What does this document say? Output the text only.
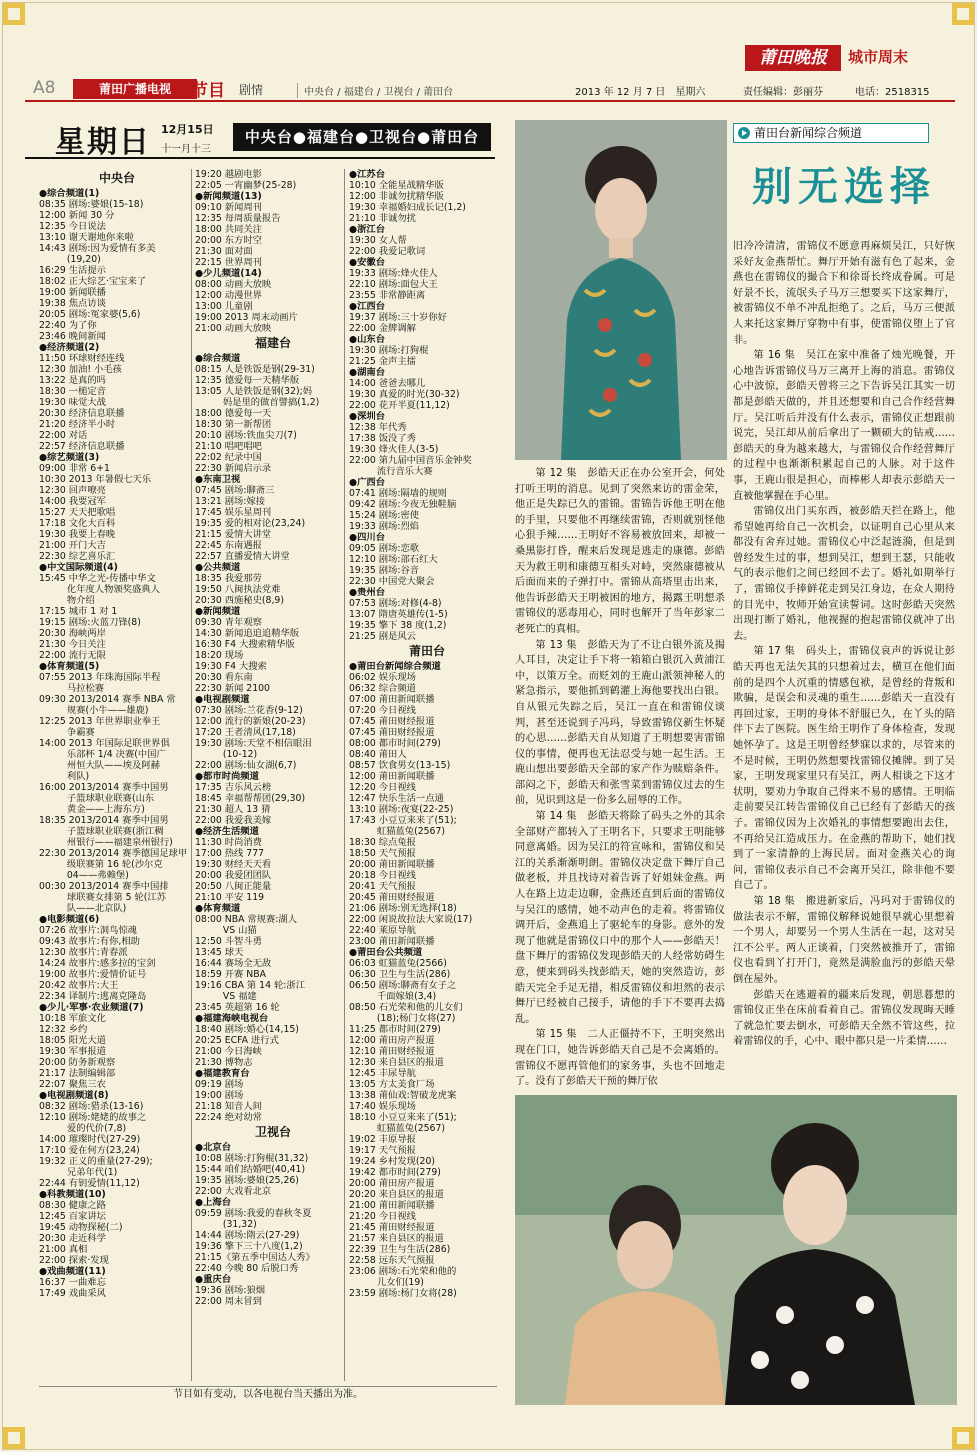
莆田晚报	城市周末
A8	莆田广播电视	节目 剧情	中央台 / 福建台 / 卫视台 / 莆田台	2013 年 12 月 7 日　星期六	责任编辑：彭丽芬	电话：2518315
星期日 12月15日
十一月十三
中央台●福建台●卫视台●莆田台
中央台
●综合频道(1)
08:35 剧场:婆娘(15-18)
12:00 新闻 30 分
12:35 今日说法
13:10 谢天谢地你来啦
14:43 剧场:因为爱情有多美
　　　(19,20)
16:29 生活提示
18:02 正大综艺·宝宝来了
19:00 新闻联播
19:38 焦点访谈
20:05 剧场:冤家婆(5,6)
22:40 为了你
23:46 晚间新闻
●经济频道(2)
11:50 环球财经连线
12:30 加油! 小毛孩
13:22 是真的吗
18:30 一槌定音
19:30 味觉大战
20:30 经济信息联播
21:20 经济半小时
22:00 对话
22:57 经济信息联播
●综艺频道(3)
09:00 非常 6+1
10:30 2013 年暑假七天乐
12:30 回声嘹亮
14:00 我要冠军
15:27 天天把歌唱
17:18 文化大百科
19:30 我要上春晚
21:00 开门大吉
22:30 综艺喜乐汇
●中文国际频道(4)
15:45 中华之光-传播中华文
　　　化年度人物颁奖盛典人
　　　物介绍
17:15 城市 1 对 1
19:15 剧场:火蓝刀锋(8)
20:30 海峡两岸
21:30 今日关注
22:00 流行无限
●体育频道(5)
07:55 2013 年珠海国际半程
　　　马拉松赛
09:30 2013/2014 赛季 NBA 常
　　　规赛(小牛——雄鹿)
12:25 2013 年世界职业拳王
　　　争霸赛
14:00 2013 年国际足联世界俱
　　　乐部杯 1/4 决赛(中国广
　　　州恒大队——埃及阿赫
　　　利队)
16:00 2013/2014 赛季中国男
　　　子篮球职业联赛(山东
　　　黄金——上海东方)
18:35 2013/2014 赛季中国男
　　　子篮球职业联赛(浙江稠
　　　州银行——福建泉州银行)
22:30 2013/2014 赛季德国足球甲
　　　级联赛第 16 轮(沙尔克
　　　04——弗赖堡)
00:30 2013/2014 赛季中国排
　　　球联赛女排第 5 轮(江苏
　　　队——北京队)
●电影频道(6)
07:26 故事片:洞鸟惊魂
09:43 故事片:有你,相助
12:30 故事片:青春派
14:24 故事片:感多拉的宝剑
19:00 故事片:爱情价证号
20:42 故事片:大王
22:34 译制片:逃离克隆岛
●少儿·军事·农业频道(7)
10:18 军旅文化
12:32 乡约
18:05 阳光大道
19:30 军事报道
20:00 防务新观察
21:17 法制编辑部
22:07 聚焦三农
●电视剧频道(8)
08:32 剧场:猎杀(13-16)
12:10 剧场:姥姥的故事之
　　　爱的代价(7,8)
14:00 璀璨时代(27-29)
17:10 爱在何方(23,24)
19:32 正义的重量(27-29);
　　　兄弟年代(1)
22:44 有钥爱情(11,12)
●科教频道(10)
08:30 健康之路
12:45 百家讲坛
19:45 动物探秘(二)
20:30 走近科学
21:00 真相
22:00 探索·发现
●戏曲频道(11)
16:37 一曲难忘
17:49 戏曲采风
19:20 越剧电影
22:05 一宵幽梦(25-28)
●新闻频道(13)
09:10 新闻周刊
12:35 每周质量报告
18:00 共同关注
20:00 东方时空
21:30 面对面
22:15 世界周刊
●少儿频道(14)
08:00 动画大放映
12:00 动漫世界
13:00 儿童剧
19:00 2013 周末动画片
21:00 动画大放映
福建台
●综合频道
08:15 人是铁饭是钢(29-31)
12:35 德爱每一天精华版
13:05 人是铁饭是钢(32);妈
　　　妈是里的做首譬搞(1,2)
18:00 德爱每一天
18:30 第一新帮团
20:10 剧场:铁血尖刀(7)
21:10 唱吧唱吧
22:02 纪录中国
22:30 新闻启示录
●东南卫视
07:45 剧场:聊斋三
13:21 剧场:嫁接
17:45 娱乐星周刊
19:35 爱的相对论(23,24)
21:15 爱情大讲堂
22:45 东南遇报
22:57 直播爱情大讲堂
●公共频道
18:35 我爱那劳
19:50 八闽执法党难
20:30 西施秘史(8,9)
●新闻频道
09:30 青年观察
14:30 新闻追追追精华版
16:30 F4 大搜索精华版
18:20 现场
19:30 F4 大搜索
20:30 看东南
22:30 新闻 2100
●电视剧频道
07:30 剧场:兰花香(9-12)
12:00 流行的新娘(20-23)
17:20 王者清风(17,18)
19:30 剧场:天堂不相信眼泪
　　　(10-12)
22:00 剧场:仙女湖(6,7)
●都市时尚频道
17:35 吉乐风云榜
18:45 幸福帮帮团(29,30)
21:30 超人 13 猜
22:00 我爱我美嫁
●经济生活频道
11:30 时尚消费
17:00 热线 777
19:30 财经天天看
20:00 我爱团团队
20:50 八闽正能量
21:10 平安 119
●体育频道
08:00 NBA 常规赛:湖人
　　　VS 山猫
12:50 斗智斗勇
13:45 球天
16:44 赛场全无敌
18:59 开赛 NBA
19:16 CBA 第 14 轮:浙江
　　　VS 福建
23:45 英超第 16 轮
●福建海峡电视台
18:40 剧场:婚心(14,15)
20:25 ECFA 进行式
21:00 今日海峡
21:30 博物志
●福建教育台
09:19 剧场
19:00 剧场
21:18 知音人间
22:24 绝对幼常
卫视台
●北京台
10:08 剧场:打狗棍(31,32)
15:44 咱们结婚吧(40,41)
19:35 剧场:婆娘(25,26)
22:00 大戏看北京
●上海台
09:59 剧场:我爱的春秋冬夏
　　　(31,32)
14:44 剧场:隋云(27-29)
19:36 擎下三十八度(1,2)
21:15《第五季中国达人秀》
22:40 今晚 80 后脱口秀
●重庆台
19:36 剧场:狼烟
22:00 周末冒到
●江苏台
10:10 全能星战精华版
12:00 非诚勿扰精华版
19:30 幸福婚妇成长记(1,2)
21:10 非诚勿扰
●浙江台
19:30 女人帮
22:00 我爱记歌词
●安徽台
19:33 剧场:烽火佳人
22:10 剧场:面包大王
23:55 非常静距离
●江西台
19:37 剧场:三十岁你好
22:00 金牌调解
●山东台
19:30 剧场:打狗棍
21:25 金声主擂
●湖南台
14:00 爸爸去哪儿
19:30 真爱的时光(30-32)
22:00 花开半夏(11,12)
●深圳台
12:38 年代秀
17:38 饭没了秀
19:30 烽火佳人(3-5)
22:00 第九届中国音乐金钟奖
　　　流行音乐大赛
●广西台
07:41 剧场:隔墙的规则
09:42 剧场:今夜无独鞋脑
15:24 剧场:密使
19:33 剧场:烈焰
●四川台
09:05 剧场:恋歌
12:10 剧场:部石红大
19:35 剧场:谷音
22:30 中国党大聚会
●贵州台
07:53 剧场:对修(4-8)
13:07 隋唐英雄传(1-5)
19:35 擎下 38 度(1,2)
21:25 剧是风云
莆田台
●莆田台新闻综合频道
06:02 娱乐现场
06:32 综合频道
07:00 莆田新闻联播
07:20 今日视线
07:45 莆田财经报道
07:45 莆田财经报道
08:00 都市时间(279)
08:40 莆田人
08:57 饮食男女(13-15)
12:00 莆田新闻联播
12:20 今日视线
12:47 快乐生活一点通
13:10 剧场:夜宴(22-25)
17:43 小豆豆来来了(51);
　　　虹猫蓝兔(2567)
18:30 综点兔报
18:50 天气预报
20:00 莆田新闻联播
20:18 今日视线
20:41 天气预报
20:45 莆田财经报道
21:06 剧场:别无选择(18)
22:00 闲说故拉法大家说(17)
22:40 莱原导航
23:00 莆田新闻联播
●莆田台公共频道
06:03 虹猫蓝兔(2566)
06:30 卫生与生活(286)
06:50 剧场:聊斋有女子之
　　　千面嫁娘(3,4)
08:50 石光荣和他的儿女们
　　　(18);杨门女将(27)
11:25 都市时间(279)
12:00 莆田房产报道
12:10 莆田财经报道
12:30 来自县区的报道
12:45 丰尿导航
13:05 方太美食厂场
13:38 莆仙戏:智破龙虎案
17:40 娱乐现场
18:10 小豆豆来来了(51);
　　　虹猫蓝兔(2567)
19:02 丰原导报
19:17 天气预报
19:24 乡村发现(20)
19:42 都市时间(279)
20:00 莆田房产报道
20:20 来自县区的报道
21:00 莆田新闻联播
21:20 今日视线
21:45 莆田财经报道
21:57 来自县区的报道
22:39 卫生与生活(286)
22:58 远东天气预报
23:06 剧场:石光荣和他的
　　　儿女们(19)
23:59 剧场:杨门女将(28)
节目如有变动，以各电视台当天播出为准。
莆田台新闻综合频道
别无选择

第 12 集　彭皓天正在办公室开会，何处打听王明的消息。见到了突然来访的雷金荣，他正是失踪已久的雷锦。雷锦告诉他王明在他的手里，只要他不再继续雷锦，否则就别怪他心狠手辣……王明好不容易被放回来，却被一桑黑影打昏，醒来后发现是逃走的康德。彭皓天为救王明和康德互相头对峙，突然康德被从后面而来的子弹打中。雷锦从高塔里击出来，他告诉彭皓天王明被困的地方，揭露王明想杀雷锦仪的恶毒用心，同时也解开了当年彭家二老死亡的真相。

第 13 集　彭皓天为了不让白银外流及揭人耳目，决定让手下将一箱箱白银沉入黄浦江中，以策万全。而贬刘的王鹿山派领神秘人的紧急指示，要他抓到鹤灌上海他要找出白银。自从银元失踪之后，吴江一直在和雷锦仪谈判，甚至还说到子冯玛，导致雷锦仪新生怀疑的心思……彭皓天自从知道了王明想要害雷锦仪的事情，便再也无法忍受与她一起生活。王鹿山想出要彭皓天全部的家产作为赎赔条件。部闷之下，彭皓天和张雪菜到雷锦仪过去的生前，见识到这是一份多么屈辱的工作。

第 14 集　彭皓天将除了码头之外的其余全部财产都转入了王明名下，只要求王明能够同意离婚。因为吴江的符宣咏和，雷锦仪和吴江的关系渐渐明朗。雷锦仪决定盘下舞厅自己做老板，并且找诗对着告诉了好姐妹金燕。两人在路上边走边聊，金燕还直到后面的雷锦仪与吴江的感情，她不动声色的走着。将雷锦仪调开后，金燕追上了驱轮车的身影。意外的发现了他就是雷锦仪口中的那个人——彭皓天！盘下舞厅的雷锦仪发现彭皓天的人经常妨碍生意，便来到码头找彭皓天，她的突然造访，彭皓天完全手足无措，相反雷锦仪和坦然的表示舞厅已经被自己接手，请他的手下不要再去捣乱。

第 15 集　二人正僵持不下，王明突然出现在门口，她告诉彭皓天自己是不会离婚的。雷锦仪不愿再管他们的家务事，头也不回地走了。没有了彭皓天干预的舞厅依

旧冷冷清清，雷锦仪不愿意再麻烦吴江，只好恢采好友金燕帮忙。舞厅开始有滋有色了起来，金燕也在雷锦仪的撮合下和徐哥长终成眷属。可是好景不长，流氓头子马万三想要买下这家舞厅，被雷锦仪不单不冲乱拒绝了。之后，马万三便派人来托这家舞厅穿物中有事，使雷锦仪堕上了官非。

第 16 集　吴江在家中准备了烛光晚餐，开心地告诉雷锦仪马万三离开上海的消息。雷锦仪心中波惊，彭皓天曾将三之下告诉吴江其实一切都是彭皓天做的，并且还想要和自己合作经营舞厅。吴江听后并没有什么表示，雷锦仪正想跟前说完，吴江却从前后拿出了一颗硕大的钻戒……彭皓天的身为越来越大，与雷锦仪合作经营舞厅的过程中也渐渐积累起自己的人脉。对于这件事，王鹿山很是担心，而棒彬人却表示彭皓天一直被他掌握在手心里。

雷锦仪出门买东西，被彭皓天拦在路上，他希望她再给自己一次机会，以证明自己心里从来都没有舍弃过她。雷锦仪心中泛起涟漪，但是到曾经发生过的事，想到吴江，想到王瑟，只能收气的表示他们之间已经回不去了。婚礼如期举行了，雷锦仪手捧鲜花走到吴江身边，在众人期待的目光中，牧师开始宣读誓词。这时彭皓天突然出现打断了婚礼，他视握的抱起雷锦仪就冲了出去。

第 17 集　码头上，雷锦仪哀声的诉说让彭皓天再也无法矢其的只想着过去，横亘在他们面前的是四个人沉重的情感包袱，是曾经的背叛和欺骗，是误会和灵魂的重生……彭皓天一直没有再回过家，王明的身体不舒服已久，在丫头的陪伴下去了医院。医生给王明作了身体检查，发现她怀孕了。这是王明曾经梦寐以求的，尽管来的不是时候，王明仍然想要找雷锦仪摊牌。到了吴家，王明发现家里只有吴江，两人相谈之下这才状明，要劝力争取自己得来不易的感情。王明临走前要吴江转告雷锦仪自己已经有了彭皓天的孩子。雷锦仪因为上次婚礼的事情想要跑出去住，不再给吴江造成压力。在金燕的帮助下，她们找到了一家清静的上海民居。面对金燕关心的询问，雷锦仪表示自己不会离开吴江，除非他不要自己了。

第 18 集　搬进新家后，冯玛对于雷锦仪的做法表示不解，雷锦仪解释说她很早就心里想着一个男人，却要另一个男人生活在一起，这对吴江不公平。两人正谈着，门突然被推开了，雷锦仪也看到丫打开门，竟然是满脸血污的彭皓天晕倒在屋外。

彭皓天在逃避着的疆来后发现，朝思暮想的雷锦仪正坐在床前看着自己。雷锦仪发现晦天睡了就急忙要去倒水，可彭皓天全然不管这些，拉着雷锦仪的手，心中、眼中都只是一片柔情……
